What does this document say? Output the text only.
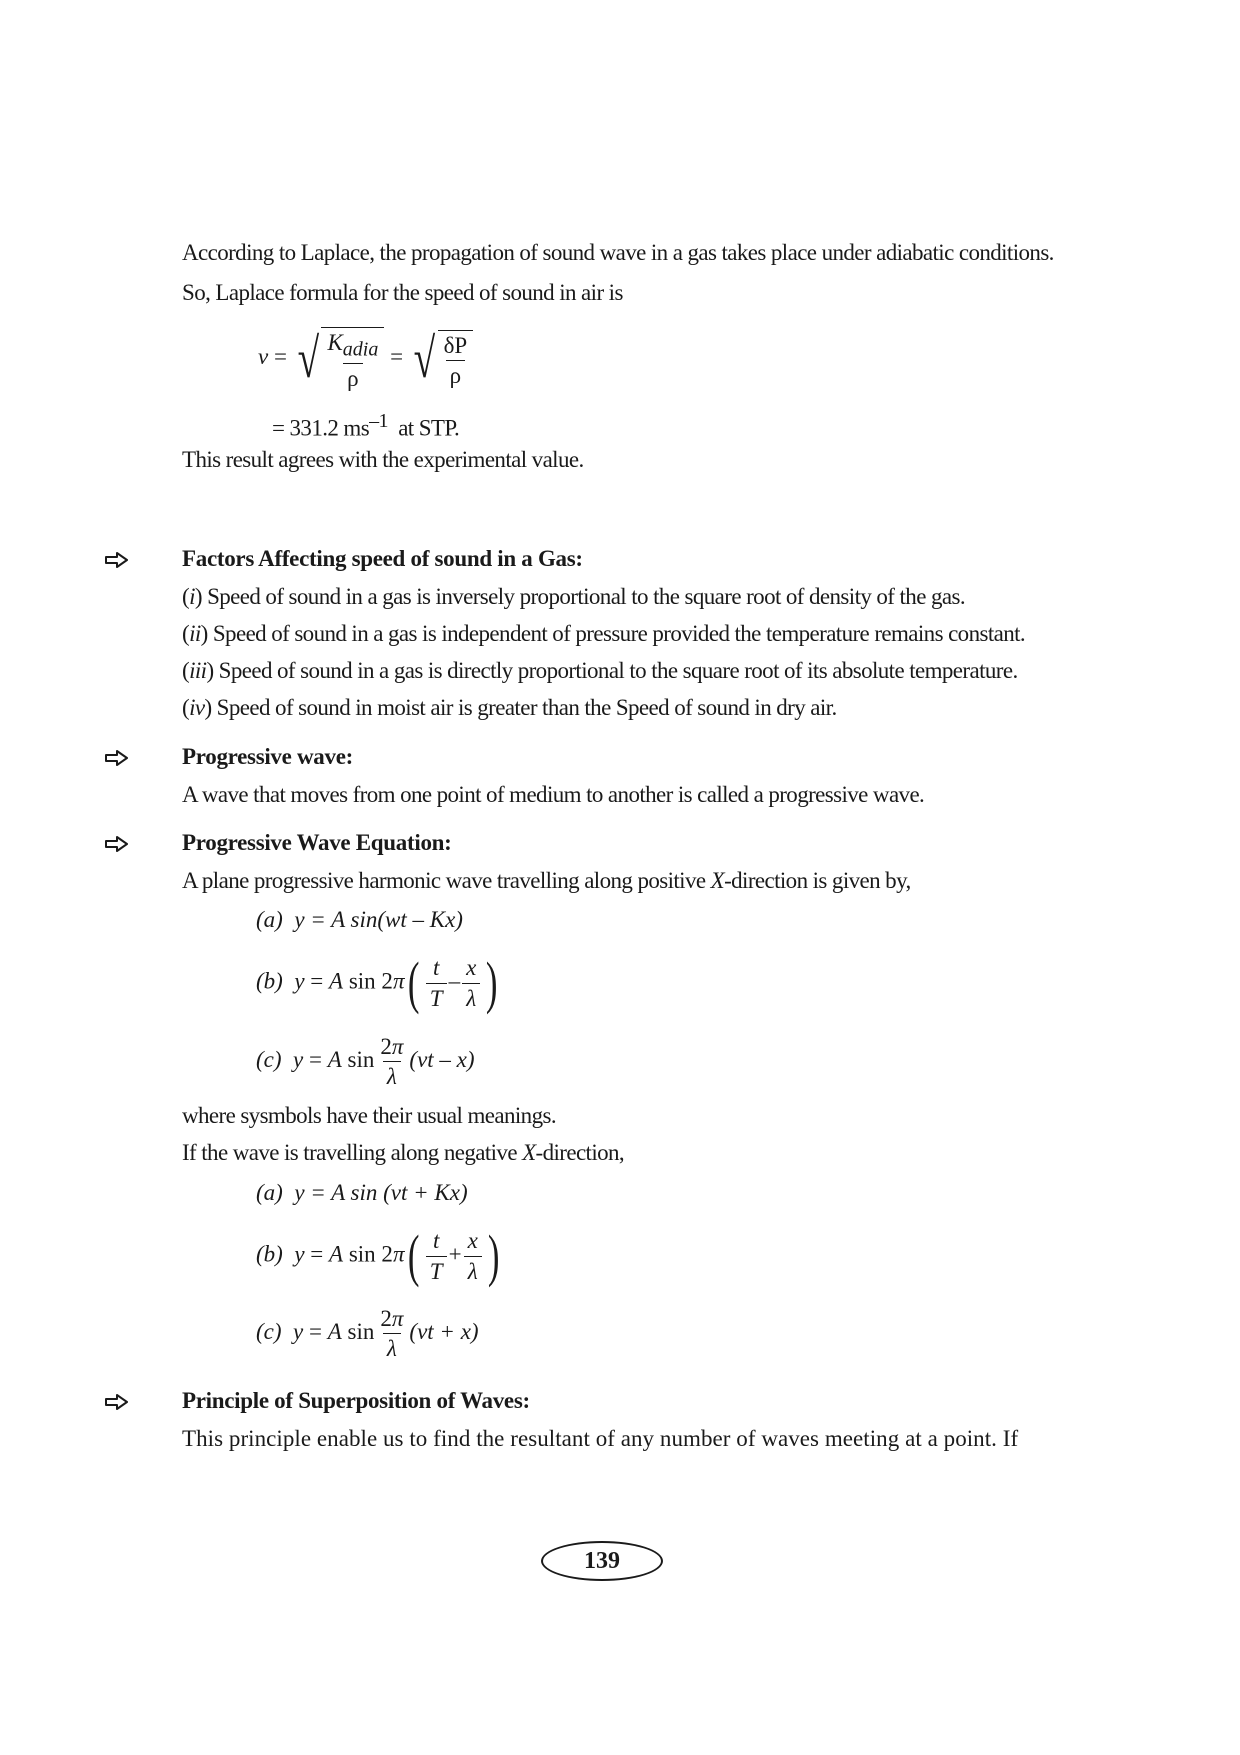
According to Laplace, the propagation of sound wave in a gas takes place under adiabatic conditions.
So, Laplace formula for the speed of sound in air is
v = √ $\frac{K_{adia}}{\rho}$ = √ $\frac{\delta P}{\rho}$
= 331.2 $ms^{-1}$ at STP.
This result agrees with the experimental value.
Factors Affecting speed of sound in a Gas:
(i) Speed of sound in a gas is inversely proportional to the square root of density of the gas.
(ii) Speed of sound in a gas is independent of pressure provided the temperature remains constant.
(iii) Speed of sound in a gas is directly proportional to the square root of its absolute temperature.
(iv) Speed of sound in moist air is greater than the Speed of sound in dry air.
Progressive wave:
A wave that moves from one point of medium to another is called a progressive wave.
Progressive Wave Equation:
A plane progressive harmonic wave travelling along positive X-direction is given by,
(a) y = A sin(wt – Kx)
(b) y = A $\sin 2\pi( \frac{t}{T} - \frac{x}{\lambda}$ )
(c) y = A $\sin \frac{2\pi}{\lambda} (vt - x)$
where sysmbols have their usual meanings.
If the wave is travelling along negative X-direction,
(a) y = A sin (vt + Kx)
(b) y = A $\sin 2\pi( \frac{t}{T} + \frac{x}{\lambda}$ )
(c) y = A $\sin \frac{2\pi}{\lambda} (vt + x)$
Principle of Superposition of Waves:
This principle enable us to find the resultant of any number of waves meeting at a point. If
139
